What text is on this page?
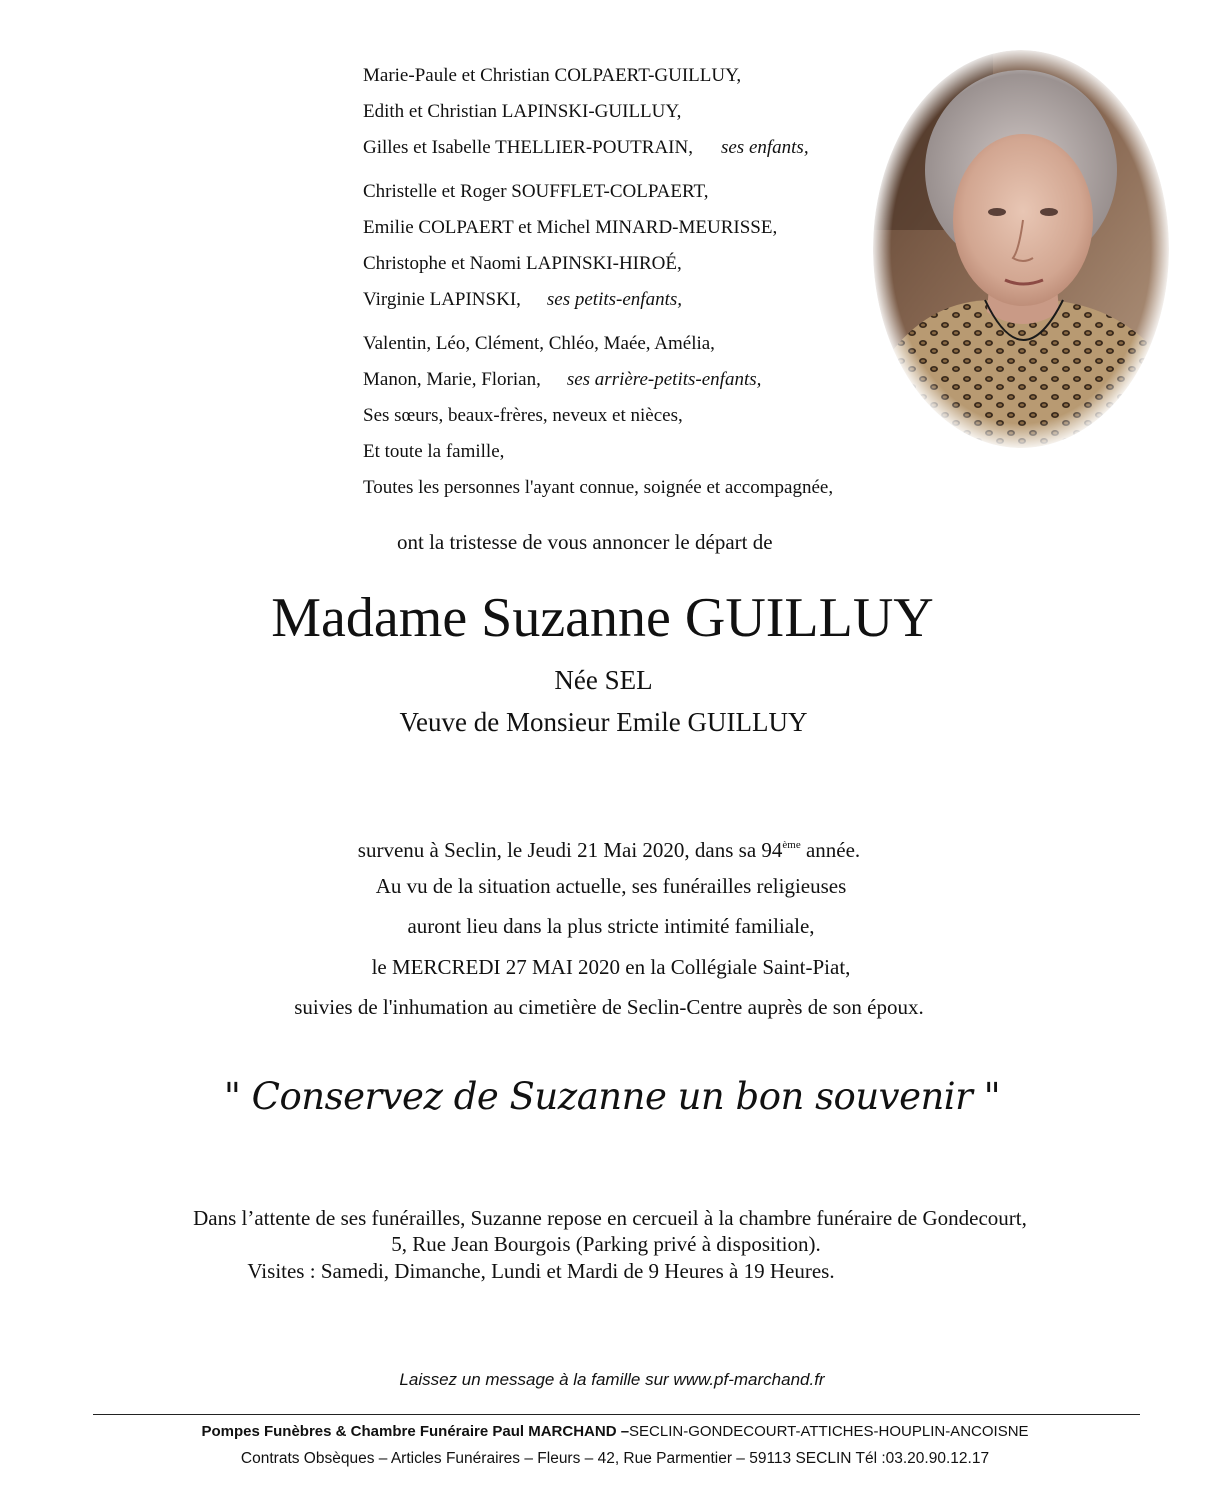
Marie-Paule et Christian COLPAERT-GUILLUY,
Edith et Christian LAPINSKI-GUILLUY,
Gilles et Isabelle THELLIER-POUTRAIN, ses enfants,
Christelle et Roger SOUFFLET-COLPAERT,
Emilie COLPAERT et Michel MINARD-MEURISSE,
Christophe et Naomi LAPINSKI-HIROÉ,
Virginie LAPINSKI, ses petits-enfants,
Valentin, Léo, Clément, Chléo, Maée, Amélia,
Manon, Marie, Florian, ses arrière-petits-enfants,
Ses sœurs, beaux-frères, neveux et nièces,
Et toute la famille,
Toutes les personnes l'ayant connue, soignée et accompagnée,
ont la tristesse de vous annoncer le départ de
Madame Suzanne GUILLUY
Née SEL
Veuve de Monsieur Emile GUILLUY
survenu à Seclin, le Jeudi 21 Mai 2020, dans sa 94ème année.
Au vu de la situation actuelle, ses funérailles religieuses
auront lieu dans la plus stricte intimité familiale,
le MERCREDI 27 MAI 2020 en la Collégiale Saint-Piat,
suivies de l'inhumation au cimetière de Seclin-Centre auprès de son époux.
" Conservez de Suzanne un bon souvenir "
Dans l’attente de ses funérailles, Suzanne repose en cercueil à la chambre funéraire de Gondecourt,
5, Rue Jean Bourgois (Parking privé à disposition).
Visites : Samedi, Dimanche, Lundi et Mardi de 9 Heures à 19 Heures.
Laissez un message à la famille sur www.pf-marchand.fr
Pompes Funèbres & Chambre Funéraire Paul MARCHAND –SECLIN-GONDECOURT-ATTICHES-HOUPLIN-ANCOISNE
Contrats Obsèques – Articles Funéraires – Fleurs – 42, Rue Parmentier – 59113 SECLIN Tél :03.20.90.12.17
